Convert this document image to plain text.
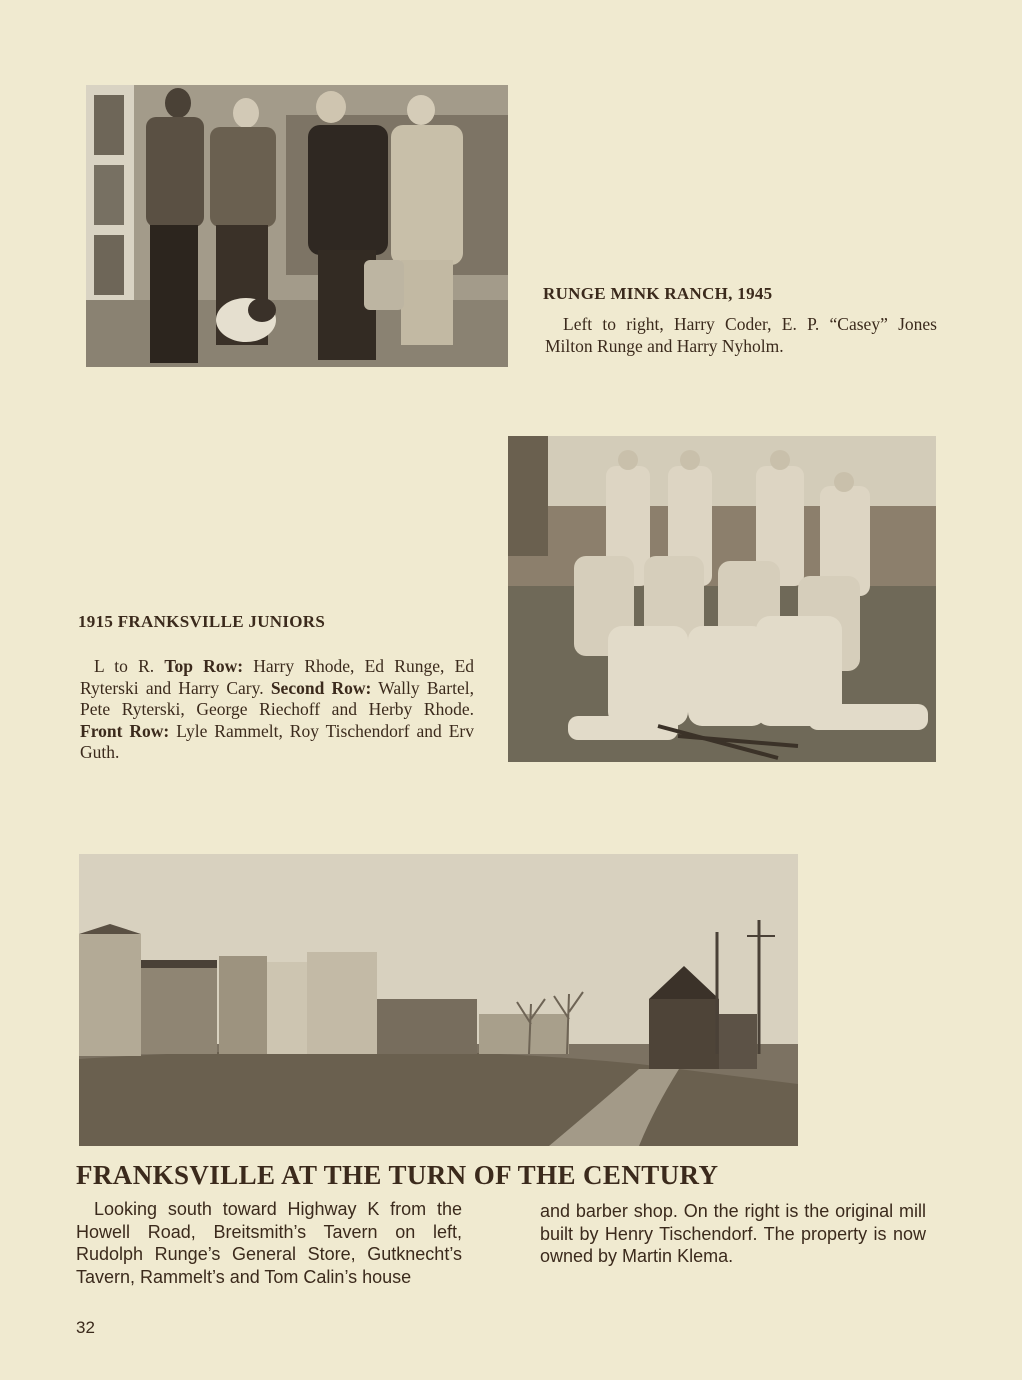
RUNGE MINK RANCH, 1945

Left to right, Harry Coder, E. P. “Casey” Jones Milton Runge and Harry Nyholm.

1915 FRANKSVILLE JUNIORS

L to R. Top Row: Harry Rhode, Ed Runge, Ed Ryterski and Harry Cary. Second Row: Wally Bartel, Pete Ryterski, George Riechoff and Herby Rhode. Front Row: Lyle Rammelt, Roy Tischendorf and Erv Guth.

FRANKSVILLE AT THE TURN OF THE CENTURY

Looking south toward Highway K from the Howell Road, Breitsmith’s Tavern on left, Rudolph Runge’s General Store, Gutknecht’s Tavern, Rammelt’s and Tom Calin’s house

and barber shop. On the right is the original mill built by Henry Tischendorf. The property is now owned by Martin Klema.

32
